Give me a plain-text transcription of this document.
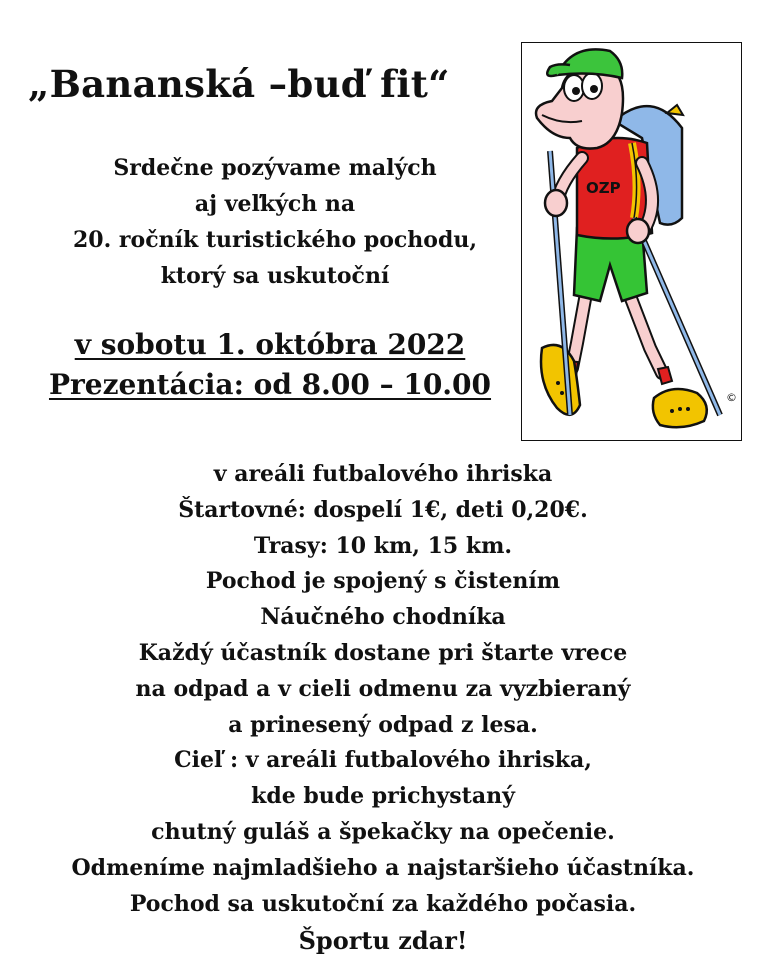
„Bananská –buď fit“
Srdečne pozývame malých
aj veľkých na
20. ročník turistického pochodu,
ktorý sa uskutoční
v sobotu 1. októbra 2022
Prezentácia: od 8.00 – 10.00
OZP
©
v areáli futbalového ihriska
Štartovné: dospelí 1€, deti 0,20€.
Trasy: 10 km, 15 km.
Pochod je spojený s čistením
Náučného chodníka
Každý účastník dostane pri štarte vrece
na odpad a v cieli odmenu za vyzbieraný
a prinesený odpad z lesa.
Cieľ : v areáli futbalového ihriska,
kde bude prichystaný
chutný guláš a špekačky na opečenie.
Odmeníme najmladšieho a najstaršieho účastníka.
Pochod sa uskutoční za každého počasia.
Športu zdar!
